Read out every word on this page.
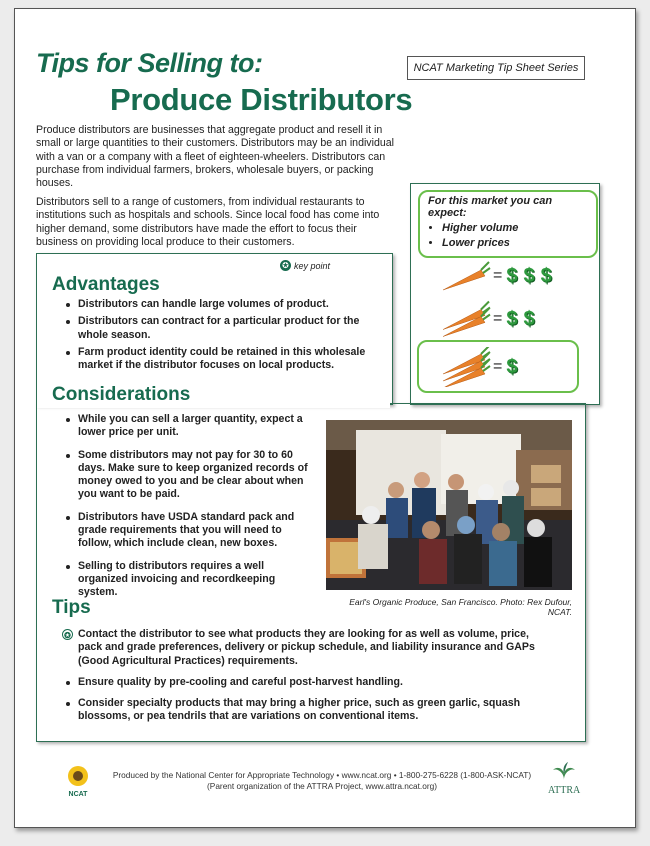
Tips for Selling to:
Produce Distributors
NCAT Marketing Tip Sheet Series
Produce distributors are businesses that aggregate product and resell it in small or large quantities to their customers. Distributors may be an individual with a van or a company with a fleet of eighteen-wheelers. Distributors can purchase from individual farmers, brokers, wholesale buyers, or packing houses.
Distributors sell to a range of customers, from individual restaurants to institutions such as hospitals and schools. Since local food has come into higher demand, some distributors have made the effort to focus their business on providing local produce to their customers.
For this market you can expect:
• Higher volume
• Lower prices
= $ $ $
= $ $
= $
✪ key point
Advantages
Distributors can handle large volumes of product.
Distributors can contract for a particular product for the whole season.
Farm product identity could be retained in this wholesale market if the distributor focuses on local products.
Considerations
While you can sell a larger quantity, expect a lower price per unit.
Some distributors may not pay for 30 to 60 days. Make sure to keep organized records of money owed to you and be clear about when you want to be paid.
Distributors have USDA standard pack and grade requirements that you will need to follow, which include clean, new boxes.
Selling to distributors requires a well organized invoicing and recordkeeping system.
Earl's Organic Produce, San Francisco. Photo: Rex Dufour, NCAT.
Tips
✪ Contact the distributor to see what products they are looking for as well as volume, price, pack and grade preferences, delivery or pickup schedule, and liability insurance and GAPs (Good Agricultural Practices) requirements.
Ensure quality by pre-cooling and careful post-harvest handling.
Consider specialty products that may bring a higher price, such as green garlic, squash blossoms, or pea tendrils that are variations on conventional items.
NCAT
Produced by the National Center for Appropriate Technology • www.ncat.org • 1-800-275-6228 (1-800-ASK-NCAT)
(Parent organization of the ATTRA Project, www.attra.ncat.org)	ATTRA
